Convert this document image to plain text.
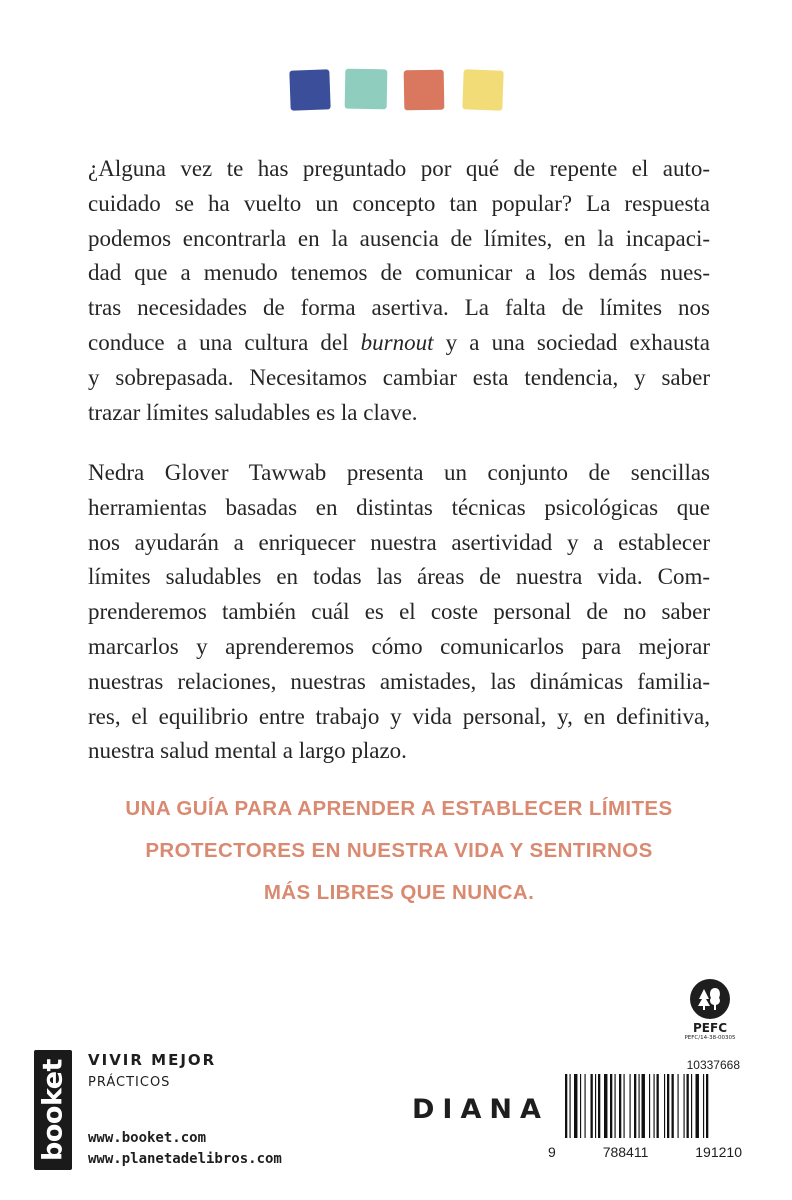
¿Alguna vez te has preguntado por qué de repente el auto-
cuidado se ha vuelto un concepto tan popular? La respuesta
podemos encontrarla en la ausencia de límites, en la incapaci-
dad que a menudo tenemos de comunicar a los demás nues-
tras necesidades de forma asertiva. La falta de límites nos
conduce a una cultura del burnout y a una sociedad exhausta
y sobrepasada. Necesitamos cambiar esta tendencia, y saber
trazar límites saludables es la clave.
Nedra Glover Tawwab presenta un conjunto de sencillas
herramientas basadas en distintas técnicas psicológicas que
nos ayudarán a enriquecer nuestra asertividad y a establecer
límites saludables en todas las áreas de nuestra vida. Com-
prenderemos también cuál es el coste personal de no saber
marcarlos y aprenderemos cómo comunicarlos para mejorar
nuestras relaciones, nuestras amistades, las dinámicas familia-
res, el equilibrio entre trabajo y vida personal, y, en definitiva,
nuestra salud mental a largo plazo.
UNA GUÍA PARA APRENDER A ESTABLECER LÍMITES
PROTECTORES EN NUESTRA VIDA Y SENTIRNOS
MÁS LIBRES QUE NUNCA.
booket VIVIR MEJOR
PRÁCTICOS
www.booket.com
www.planetadelibros.com
DIANA
PEFC
PEFC/14-38-00305
10337668
9	788411	191210
